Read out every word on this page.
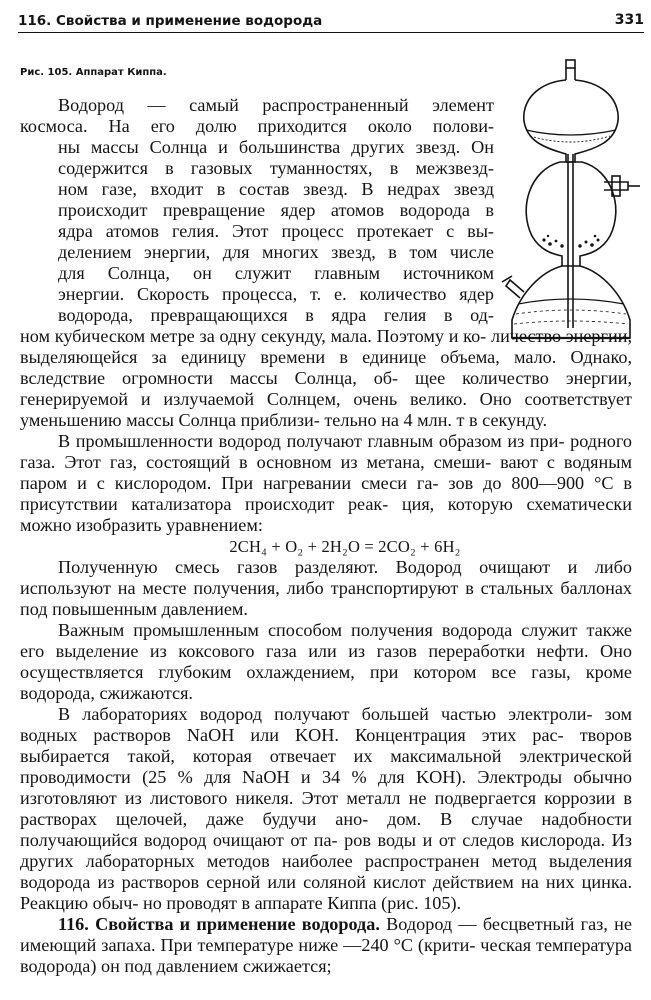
116. Свойства и применение водорода	331
Рис. 105. Аппарат Киппа.

Водород — самый распространенный элемент
космоса. На его долю приходится около полови-
ны массы Солнца и большинства других звезд. Он
содержится в газовых туманностях, в межзвезд-
ном газе, входит в состав звезд. В недрах звезд
происходит превращение ядер атомов водорода в
ядра атомов гелия. Этот процесс протекает с вы-
делением энергии, для многих звезд, в том числе
для Солнца, он служит главным источником
энергии. Скорость процесса, т. е. количество ядер
водорода, превращающихся в ядра гелия в од-

ном кубическом метре за одну секунду, мала. Поэтому и ко- личество энергии, выделяющейся за единицу времени в единице объема, мало. Однако, вследствие огромности массы Солнца, об- щее количество энергии, генерируемой и излучаемой Солнцем, очень велико. Оно соответствует уменьшению массы Солнца приблизи- тельно на 4 млн. т в секунду.

В промышленности водород получают главным образом из при- родного газа. Этот газ, состоящий в основном из метана, смеши- вают с водяным паром и с кислородом. При нагревании смеси га- зов до 800—900 °С в присутствии катализатора происходит реак- ция, которую схематически можно изобразить уравнением:

2CH₄ + O₂ + 2H₂O = 2CO₂ + 6H₂

Полученную смесь газов разделяют. Водород очищают и либо используют на месте получения, либо транспортируют в стальных баллонах под повышенным давлением.

Важным промышленным способом получения водорода служит также его выделение из коксового газа или из газов переработки нефти. Оно осуществляется глубоким охлаждением, при котором все газы, кроме водорода, сжижаются.

В лабораториях водород получают большей частью электроли- зом водных растворов NaOH или KOH. Концентрация этих рас- творов выбирается такой, которая отвечает их максимальной электрической проводимости (25 % для NaOH и 34 % для KOH). Электроды обычно изготовляют из листового никеля. Этот металл не подвергается коррозии в растворах щелочей, даже будучи ано- дом. В случае надобности получающийся водород очищают от па- ров воды и от следов кислорода. Из других лабораторных методов наиболее распространен метод выделения водорода из растворов серной или соляной кислот действием на них цинка. Реакцию обыч- но проводят в аппарате Киппа (рис. 105).

116. Свойства и применение водорода. Водород — бесцветный газ, не имеющий запаха. При температуре ниже —240 °С (крити- ческая температура водорода) он под давлением сжижается;
